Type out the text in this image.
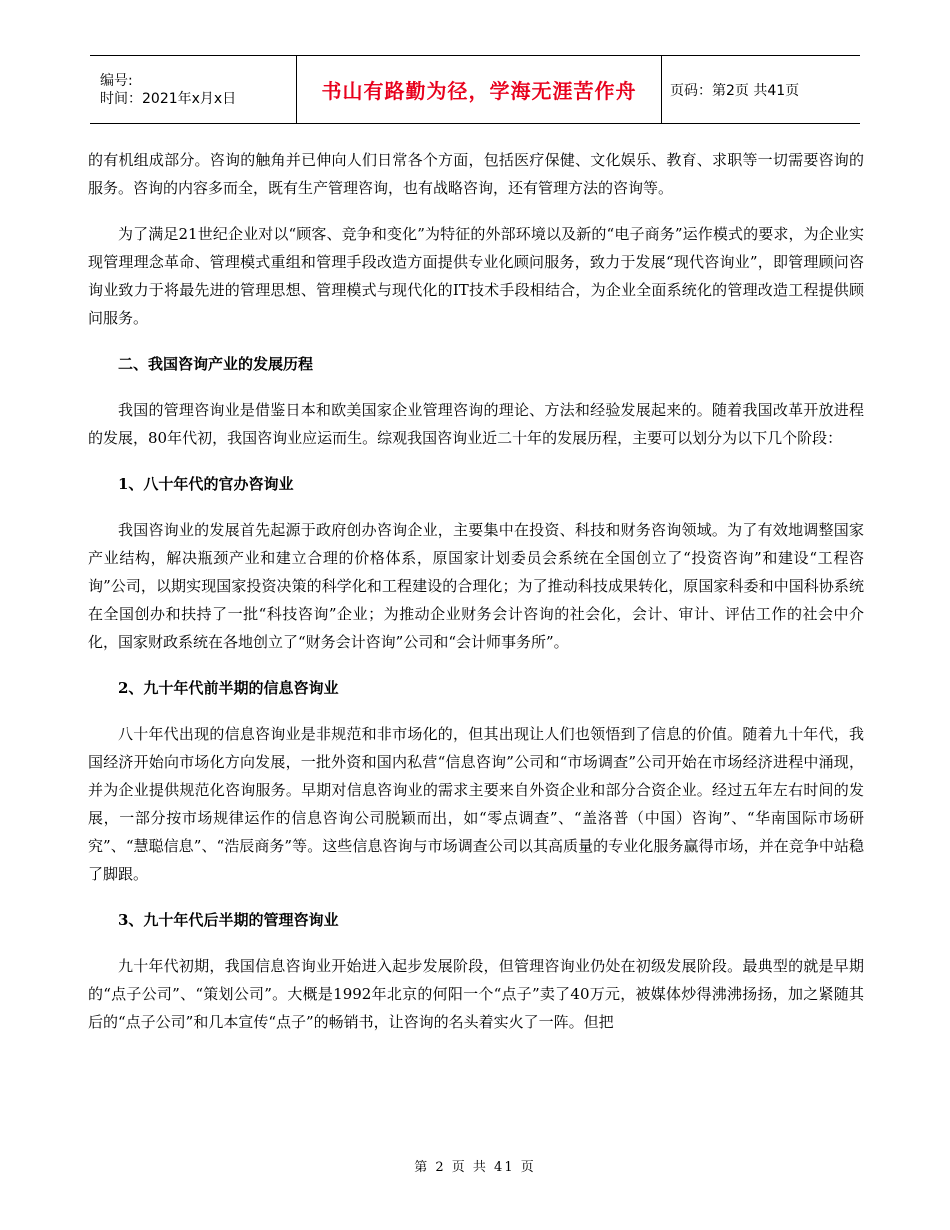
编号:
时间：2021年x月x日	书山有路勤为径，学海无涯苦作舟 页码：第2页 共41页

的有机组成部分。咨询的触角并已伸向人们日常各个方面，包括医疗保健、文化娱乐、教育、求职等一切需要咨询的服务。咨询的内容多而全，既有生产管理咨询，也有战略咨询，还有管理方法的咨询等。

为了满足21世纪企业对以“顾客、竞争和变化”为特征的外部环境以及新的“电子商务”运作模式的要求，为企业实现管理理念革命、管理模式重组和管理手段改造方面提供专业化顾问服务，致力于发展“现代咨询业”，即管理顾问咨询业致力于将最先进的管理思想、管理模式与现代化的IT技术手段相结合，为企业全面系统化的管理改造工程提供顾问服务。

二、我国咨询产业的发展历程

我国的管理咨询业是借鉴日本和欧美国家企业管理咨询的理论、方法和经验发展起来的。随着我国改革开放进程的发展，80年代初，我国咨询业应运而生。综观我国咨询业近二十年的发展历程，主要可以划分为以下几个阶段：

1、八十年代的官办咨询业

我国咨询业的发展首先起源于政府创办咨询企业，主要集中在投资、科技和财务咨询领域。为了有效地调整国家产业结构，解决瓶颈产业和建立合理的价格体系，原国家计划委员会系统在全国创立了“投资咨询”和建设“工程咨询”公司，以期实现国家投资决策的科学化和工程建设的合理化；为了推动科技成果转化，原国家科委和中国科协系统在全国创办和扶持了一批“科技咨询”企业；为推动企业财务会计咨询的社会化，会计、审计、评估工作的社会中介化，国家财政系统在各地创立了“财务会计咨询”公司和“会计师事务所”。

2、九十年代前半期的信息咨询业

八十年代出现的信息咨询业是非规范和非市场化的，但其出现让人们也领悟到了信息的价值。随着九十年代，我国经济开始向市场化方向发展，一批外资和国内私营“信息咨询”公司和“市场调查”公司开始在市场经济进程中涌现，并为企业提供规范化咨询服务。早期对信息咨询业的需求主要来自外资企业和部分合资企业。经过五年左右时间的发展，一部分按市场规律运作的信息咨询公司脱颖而出，如“零点调查”、“盖洛普（中国）咨询”、“华南国际市场研究”、“慧聪信息”、“浩辰商务”等。这些信息咨询与市场调查公司以其高质量的专业化服务赢得市场，并在竞争中站稳了脚跟。

3、九十年代后半期的管理咨询业

九十年代初期，我国信息咨询业开始进入起步发展阶段，但管理咨询业仍处在初级发展阶段。最典型的就是早期的“点子公司”、“策划公司”。大概是1992年北京的何阳一个“点子”卖了40万元，被媒体炒得沸沸扬扬，加之紧随其后的“点子公司”和几本宣传“点子”的畅销书，让咨询的名头着实火了一阵。但把

第 2 页 共 41 页
